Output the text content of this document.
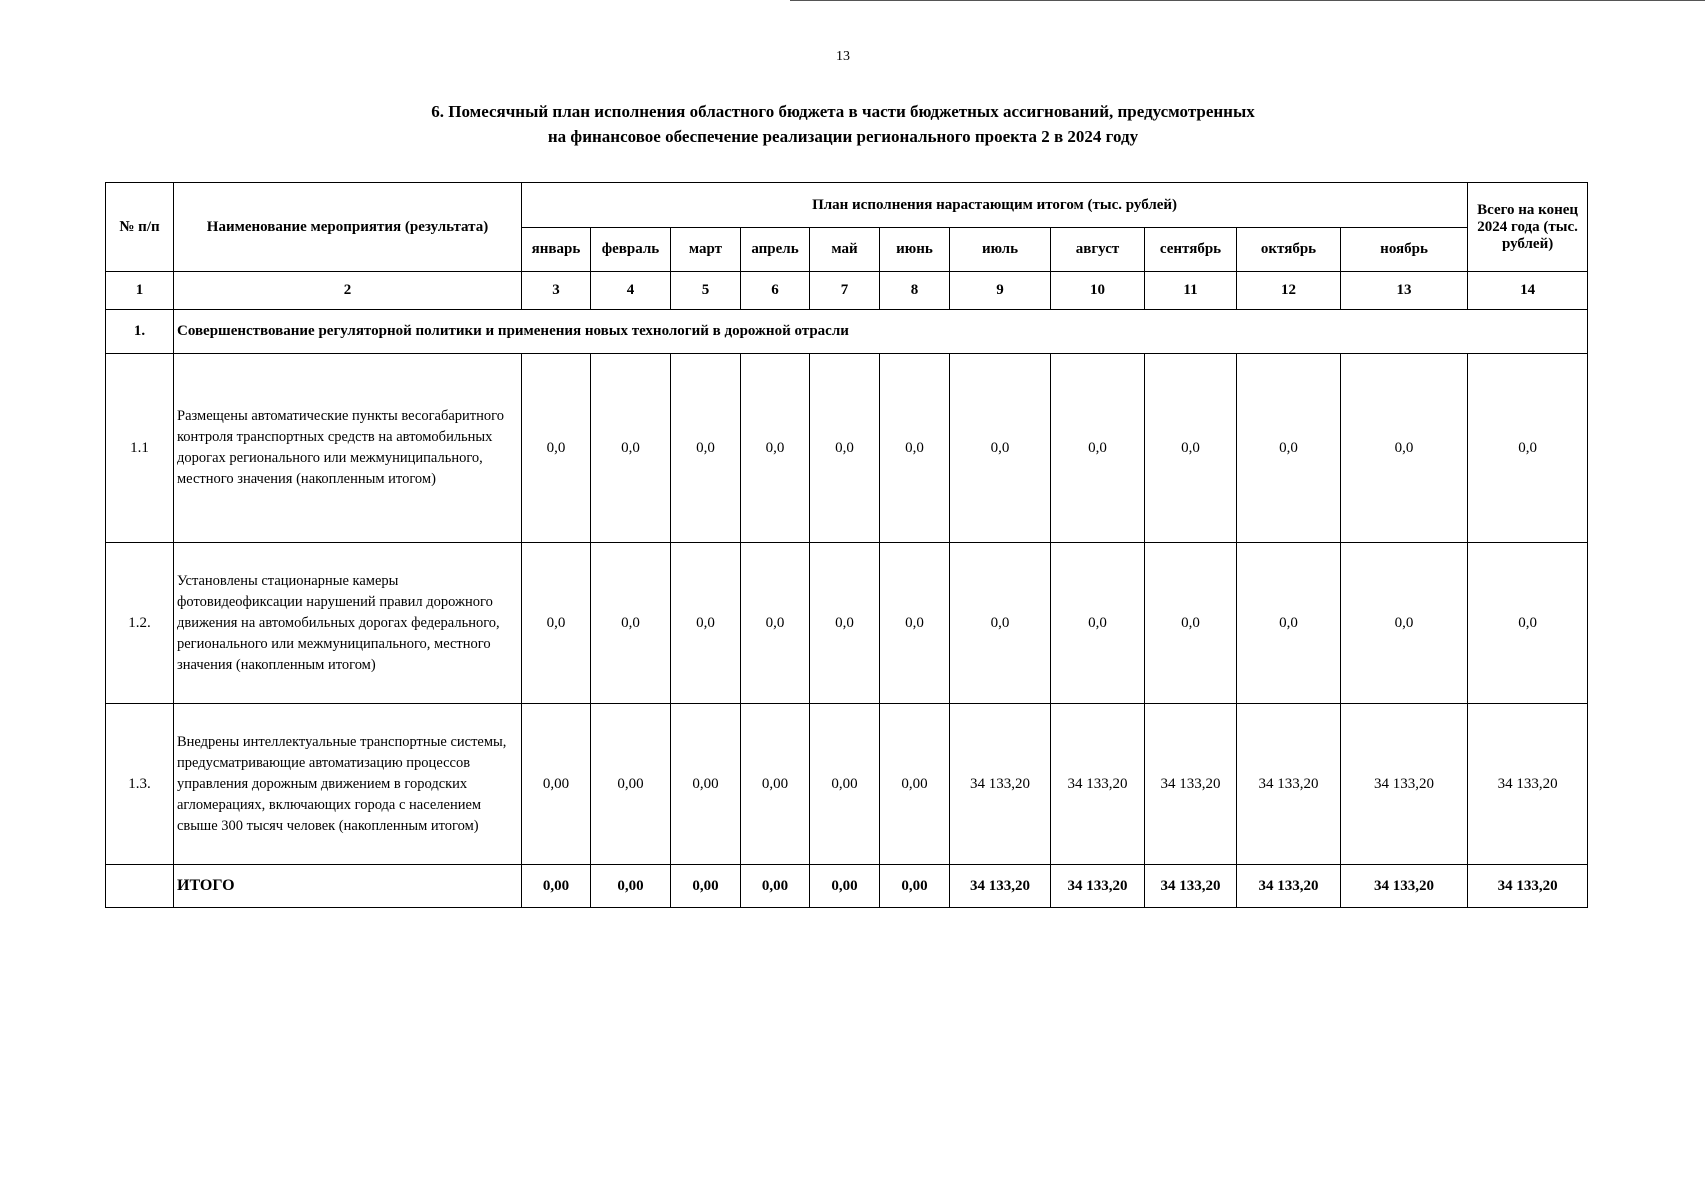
13
6. Помесячный план исполнения областного бюджета в части бюджетных ассигнований, предусмотренных
на финансовое обеспечение реализации регионального проекта 2 в 2024 году
№ п/п	Наименование мероприятия (результата)	План исполнения нарастающим итогом (тыс. рублей)											Всего на конец 2024 года (тыс. рублей)
		январь	февраль	март	апрель	май	июнь	июль	август	сентябрь	октябрь	ноябрь	
1	2	3	4	5	6	7	8	9	10	11	12	13	14
1.	Совершенствование регуляторной политики и применения новых технологий в дорожной отрасли												
1.1	Размещены автоматические пункты весогабаритного контроля транспортных средств на автомобильных дорогах регионального или межмуниципального, местного значения (накопленным итогом)	0,0	0,0	0,0	0,0	0,0	0,0	0,0	0,0	0,0	0,0	0,0	0,0
1.2.	Установлены стационарные камеры фотовидеофиксации нарушений правил дорожного движения на автомобильных дорогах федерального, регионального или межмуниципального, местного значения (накопленным итогом)	0,0	0,0	0,0	0,0	0,0	0,0	0,0	0,0	0,0	0,0	0,0	0,0
1.3.	Внедрены интеллектуальные транспортные системы, предусматривающие автоматизацию процессов управления дорожным движением в городских агломерациях, включающих города с населением свыше 300 тысяч человек (накопленным итогом)	0,00	0,00	0,00	0,00	0,00	0,00	34 133,20	34 133,20	34 133,20	34 133,20	34 133,20	34 133,20
	ИТОГО	0,00	0,00	0,00	0,00	0,00	0,00	34 133,20	34 133,20	34 133,20	34 133,20	34 133,20	34 133,20
